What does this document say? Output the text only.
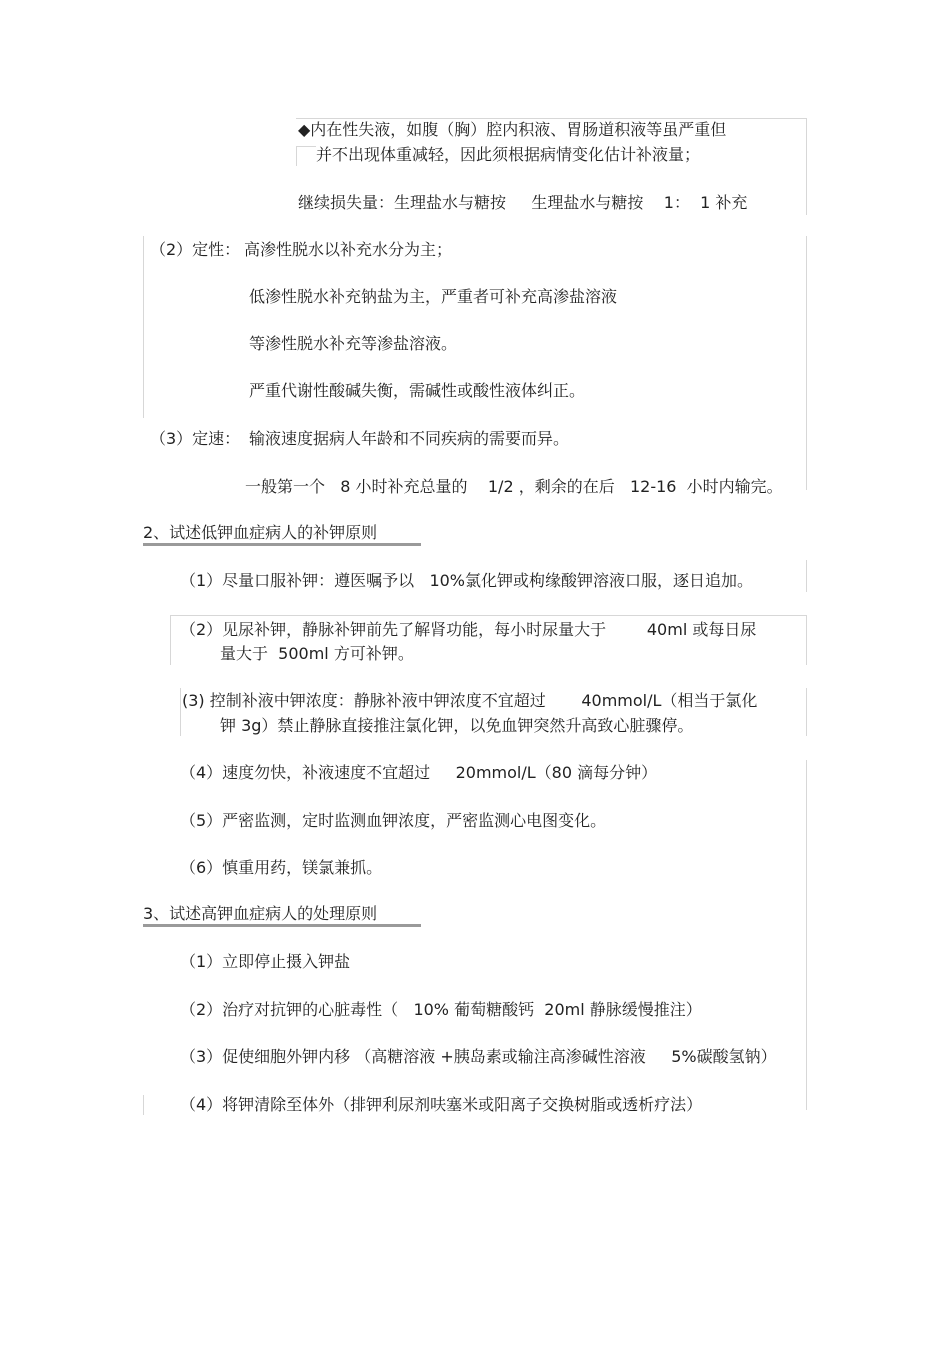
◆内在性失液，如腹（胸）腔内积液、胃肠道积液等虽严重但
并不出现体重减轻，因此须根据病情变化估计补液量；
继续损失量：生理盐水与糖按     生理盐水与糖按    1：  1 补充
（2）定性： 高渗性脱水以补充水分为主；
低渗性脱水补充钠盐为主，严重者可补充高渗盐溶液
等渗性脱水补充等渗盐溶液。
严重代谢性酸碱失衡，需碱性或酸性液体纠正。
（3）定速： 输液速度据病人年龄和不同疾病的需要而异。
一般第一个   8 小时补充总量的    1/2 ，剩余的在后   12-16  小时内输完。
2、试述低钾血症病人的补钾原则
（1）尽量口服补钾：遵医嘱予以   10%氯化钾或枸缘酸钾溶液口服，逐日追加。
（2）见尿补钾，静脉补钾前先了解肾功能，每小时尿量大于        40ml 或每日尿
量大于  500ml 方可补钾。
(3) 控制补液中钾浓度：静脉补液中钾浓度不宜超过       40mmol/L（相当于氯化
钾 3g）禁止静脉直接推注氯化钾，以免血钾突然升高致心脏骤停。
（4）速度勿快，补液速度不宜超过     20mmol/L（80 滴每分钟）
（5）严密监测，定时监测血钾浓度，严密监测心电图变化。
（6）慎重用药，镁氯兼抓。
3、试述高钾血症病人的处理原则
（1）立即停止摄入钾盐
（2）治疗对抗钾的心脏毒性（   10% 葡萄糖酸钙  20ml 静脉缓慢推注）
（3）促使细胞外钾内移 （高糖溶液 +胰岛素或输注高渗碱性溶液     5%碳酸氢钠）
（4）将钾清除至体外（排钾利尿剂呋塞米或阳离子交换树脂或透析疗法）
